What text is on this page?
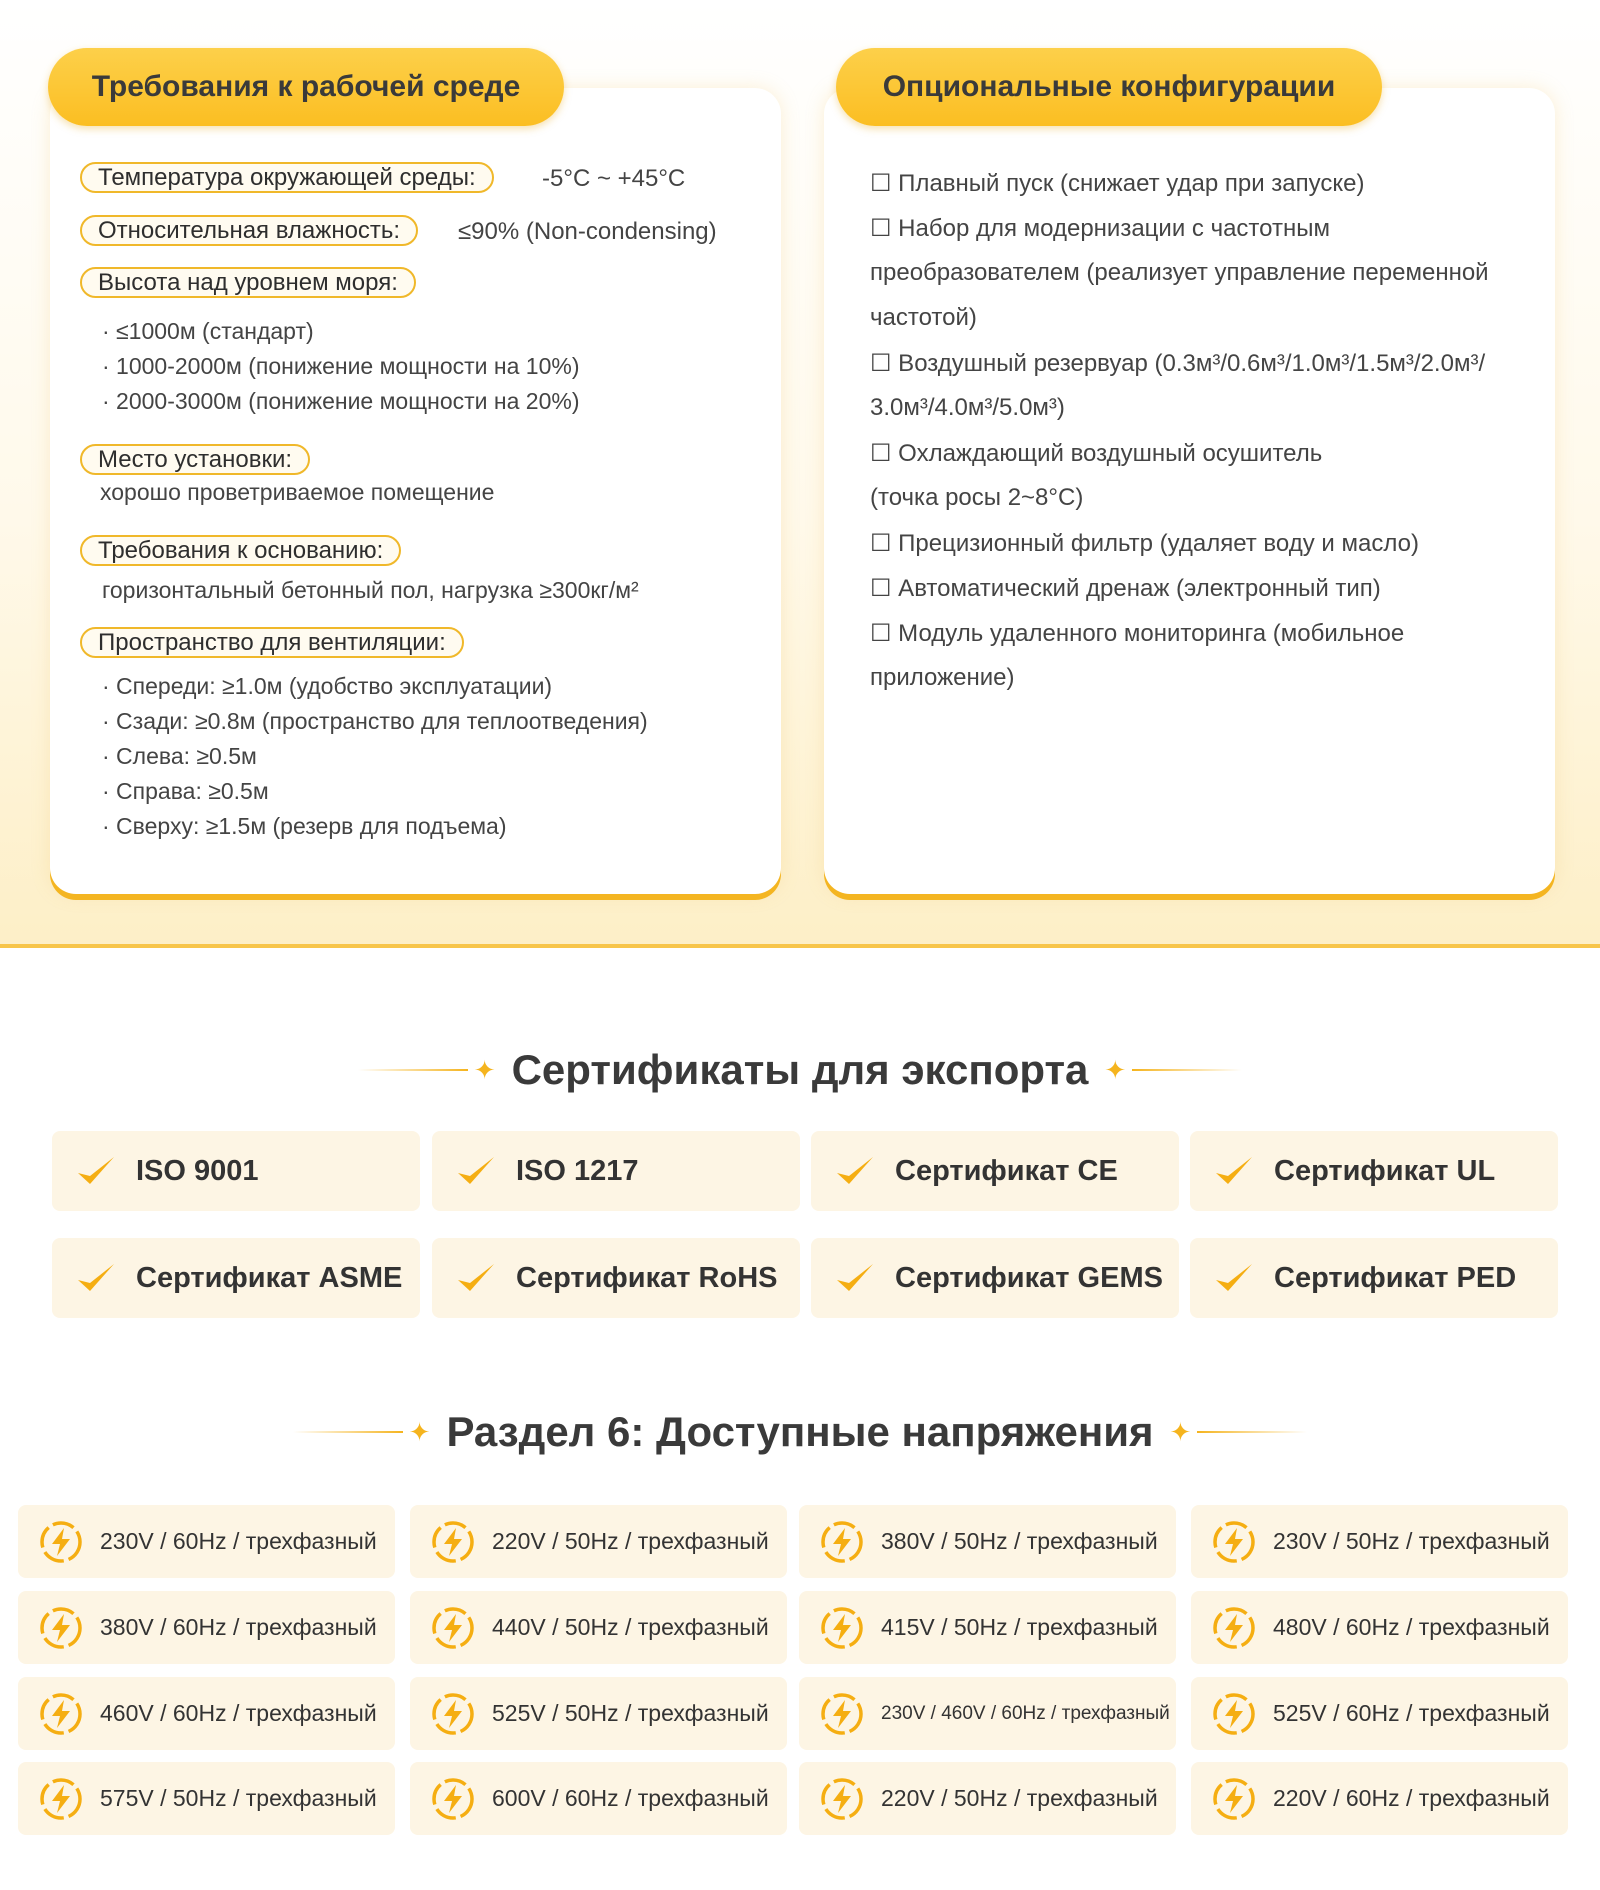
Требования к рабочей среде	Опциональные конфигурации
Температура окружающей среды:	-5°C ~ +45°C
Относительная влажность:	≤90% (Non-condensing)
Высота над уровнем моря:
· ≤1000м (стандарт)
· 1000-2000м (понижение мощности на 10%)
· 2000-3000м (понижение мощности на 20%)
Место установки:
хорошо проветриваемое помещение
Требования к основанию:
горизонтальный бетонный пол, нагрузка ≥300кг/м²
Пространство для вентиляции:
· Спереди: ≥1.0м (удобство эксплуатации)
· Сзади: ≥0.8м (пространство для теплоотведения)
· Слева: ≥0.5м
· Справа: ≥0.5м
· Сверху: ≥1.5м (резерв для подъема)
☐ Плавный пуск (снижает удар при запуске)
☐ Набор для модернизации с частотным
преобразователем (реализует управление переменной
частотой)
☐ Воздушный резервуар (0.3м³/0.6м³/1.0м³/1.5м³/2.0м³/
3.0м³/4.0м³/5.0м³)
☐ Охлаждающий воздушный осушитель
(точка росы 2~8°C)
☐ Прецизионный фильтр (удаляет воду и масло)
☐ Автоматический дренаж (электронный тип)
☐ Модуль удаленного мониторинга (мобильное
приложение)
✦ Сертификаты для экспорта ✦
ISO 9001	ISO 1217	Сертификат CE	Сертификат UL
Сертификат ASME	Сертификат RoHS	Сертификат GEMS	Сертификат PED
✦ Раздел 6: Доступные напряжения ✦
230V / 60Hz / трехфазный	220V / 50Hz / трехфазный	380V / 50Hz / трехфазный	230V / 50Hz / трехфазный
380V / 60Hz / трехфазный	440V / 50Hz / трехфазный	415V / 50Hz / трехфазный	480V / 60Hz / трехфазный
460V / 60Hz / трехфазный	525V / 50Hz / трехфазный	230V / 460V / 60Hz / трехфазный	525V / 60Hz / трехфазный
575V / 50Hz / трехфазный	600V / 60Hz / трехфазный	220V / 50Hz / трехфазный	220V / 60Hz / трехфазный
